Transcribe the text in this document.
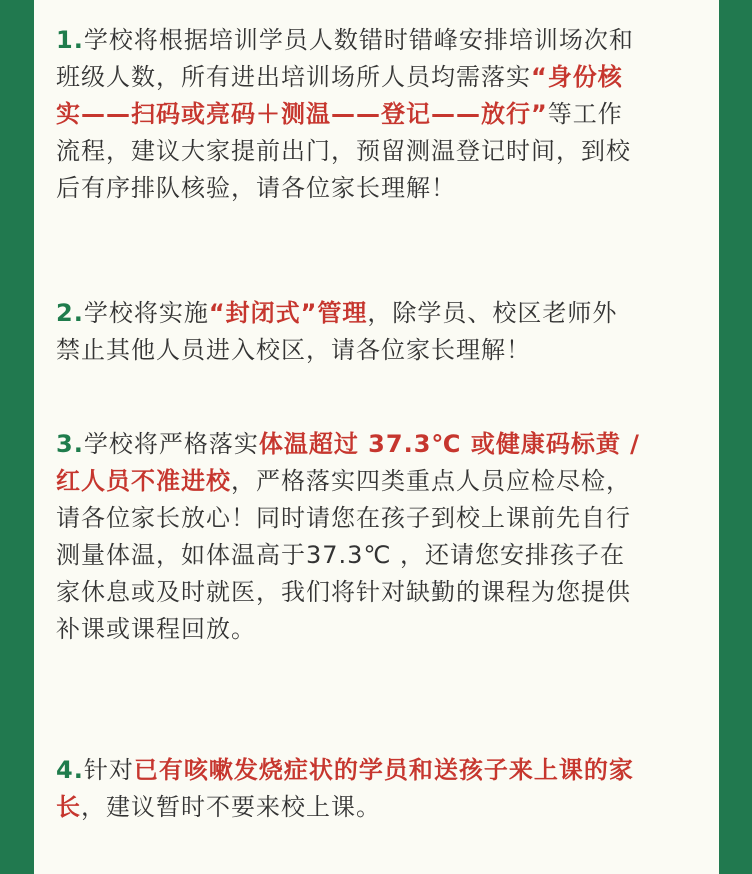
1.学校将根据培训学员人数错时错峰安排培训场次和
班级人数，所有进出培训场所人员均需落实“身份核
实——扫码或亮码＋测温——登记——放行”等工作
流程，建议大家提前出门，预留测温登记时间，到校
后有序排队核验，请各位家长理解！
2.学校将实施“封闭式”管理，除学员、校区老师外
禁止其他人员进入校区，请各位家长理解！
3.学校将严格落实体温超过 37.3℃ 或健康码标黄 /
红人员不准进校，严格落实四类重点人员应检尽检，
请各位家长放心！同时请您在孩子到校上课前先自行
测量体温，如体温高于37.3℃ ，还请您安排孩子在
家休息或及时就医，我们将针对缺勤的课程为您提供
补课或课程回放。
4.针对已有咳嗽发烧症状的学员和送孩子来上课的家
长，建议暂时不要来校上课。
